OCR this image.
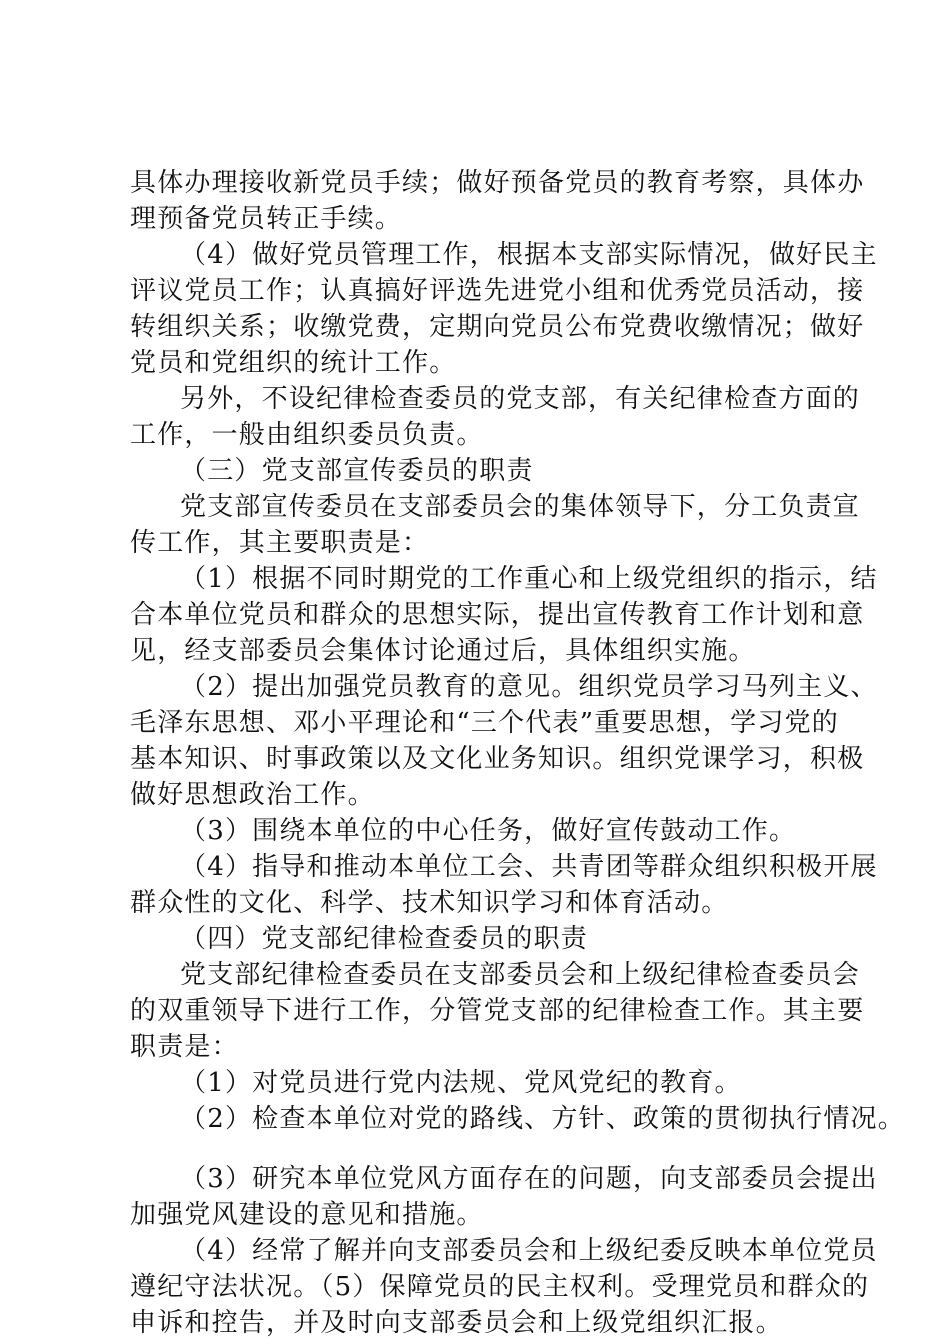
具体办理接收新党员手续；做好预备党员的教育考察，具体办
理预备党员转正手续。
（4）做好党员管理工作，根据本支部实际情况，做好民主
评议党员工作；认真搞好评选先进党小组和优秀党员活动，接
转组织关系；收缴党费，定期向党员公布党费收缴情况；做好
党员和党组织的统计工作。
另外，不设纪律检查委员的党支部，有关纪律检查方面的
工作，一般由组织委员负责。
（三）党支部宣传委员的职责
党支部宣传委员在支部委员会的集体领导下，分工负责宣
传工作，其主要职责是：
（1）根据不同时期党的工作重心和上级党组织的指示，结
合本单位党员和群众的思想实际，提出宣传教育工作计划和意
见，经支部委员会集体讨论通过后，具体组织实施。
（2）提出加强党员教育的意见。组织党员学习马列主义、
毛泽东思想、邓小平理论和“三个代表”重要思想，学习党的
基本知识、时事政策以及文化业务知识。组织党课学习，积极
做好思想政治工作。
（3）围绕本单位的中心任务，做好宣传鼓动工作。
（4）指导和推动本单位工会、共青团等群众组织积极开展
群众性的文化、科学、技术知识学习和体育活动。
（四）党支部纪律检查委员的职责
党支部纪律检查委员在支部委员会和上级纪律检查委员会
的双重领导下进行工作，分管党支部的纪律检查工作。其主要
职责是：
（1）对党员进行党内法规、党风党纪的教育。
（2）检查本单位对党的路线、方针、政策的贯彻执行情况。
（3）研究本单位党风方面存在的问题，向支部委员会提出
加强党风建设的意见和措施。
（4）经常了解并向支部委员会和上级纪委反映本单位党员
遵纪守法状况。（5）保障党员的民主权利。受理党员和群众的
申诉和控告，并及时向支部委员会和上级党组织汇报。
